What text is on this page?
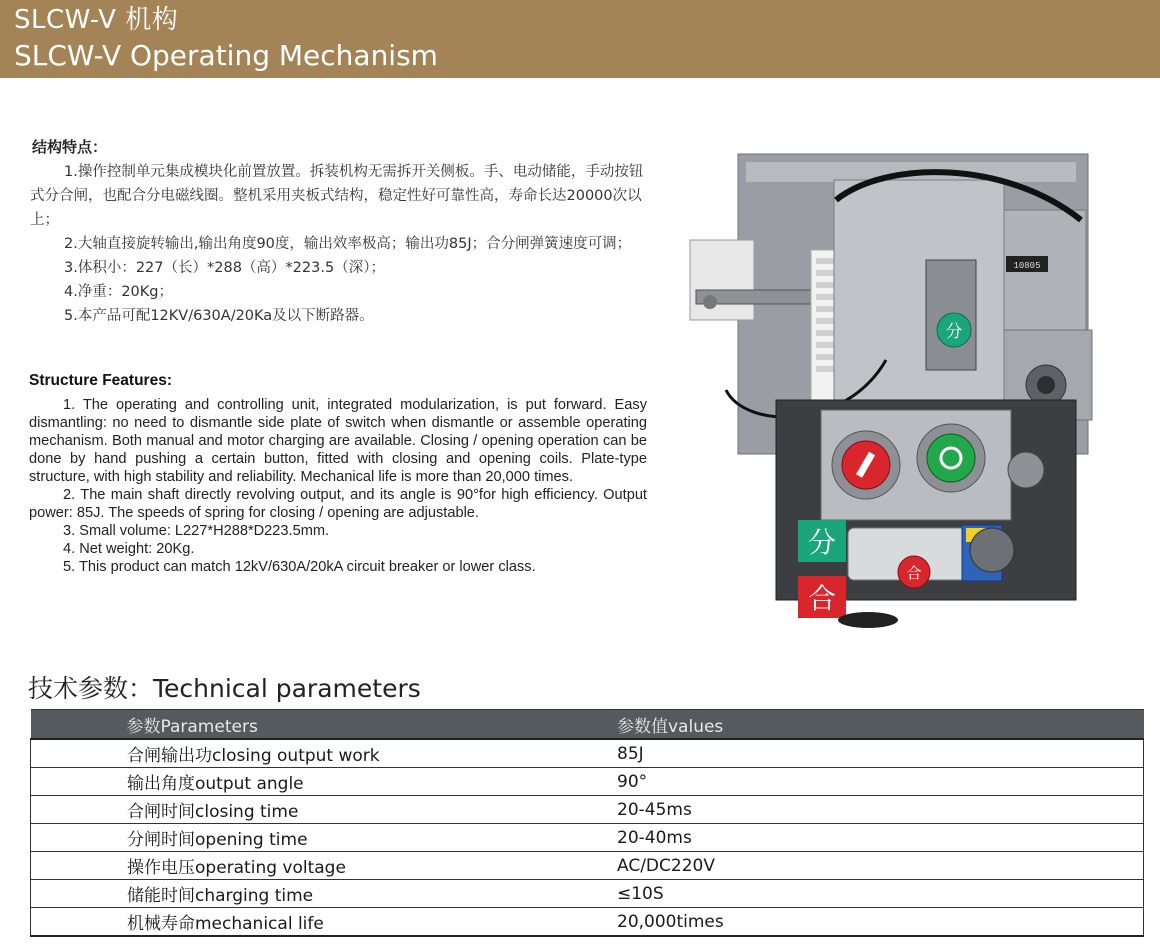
SLCW-V 机构
SLCW-V Operating Mechanism
结构特点：

1.操作控制单元集成模块化前置放置。拆装机构无需拆开关侧板。手、电动储能，手动按钮式分合闸，也配合分电磁线圈。整机采用夹板式结构，稳定性好可靠性高，寿命长达20000次以上；

2.大轴直接旋转输出,输出角度90度，输出效率极高；输出功85J；合分闸弹簧速度可调；

3.体积小：227（长）*288（高）*223.5（深）；

4.净重：20Kg；

5.本产品可配12KV/630A/20Ka及以下断路器。

Structure Features:

1. The operating and controlling unit, integrated modularization, is put forward. Easy dismantling: no need to dismantle side plate of switch when dismantle or assemble operating mechanism. Both manual and motor charging are available. Closing / opening operation can be done by hand pushing a certain button, fitted with closing and opening coils. Plate-type structure, with high stability and reliability. Mechanical life is more than 20,000 times.

2. The main shaft directly revolving output, and its angle is 90°for high efficiency. Output power: 85J. The speeds of spring for closing / opening are adjustable.

3. Small volume: L227*H288*D223.5mm.

4. Net weight: 20Kg.

5. This product can match 12kV/630A/20kA circuit breaker or lower class.

分
10805
分
合
合
技术参数：Technical parameters
参数Parameters	参数值values
合闸输出功closing output work	85J
输出角度output angle	90°
合闸时间closing time	20-45ms
分闸时间opening time	20-40ms
操作电压operating voltage	AC/DC220V
储能时间charging time	≤10S
机械寿命mechanical life	20,000times
